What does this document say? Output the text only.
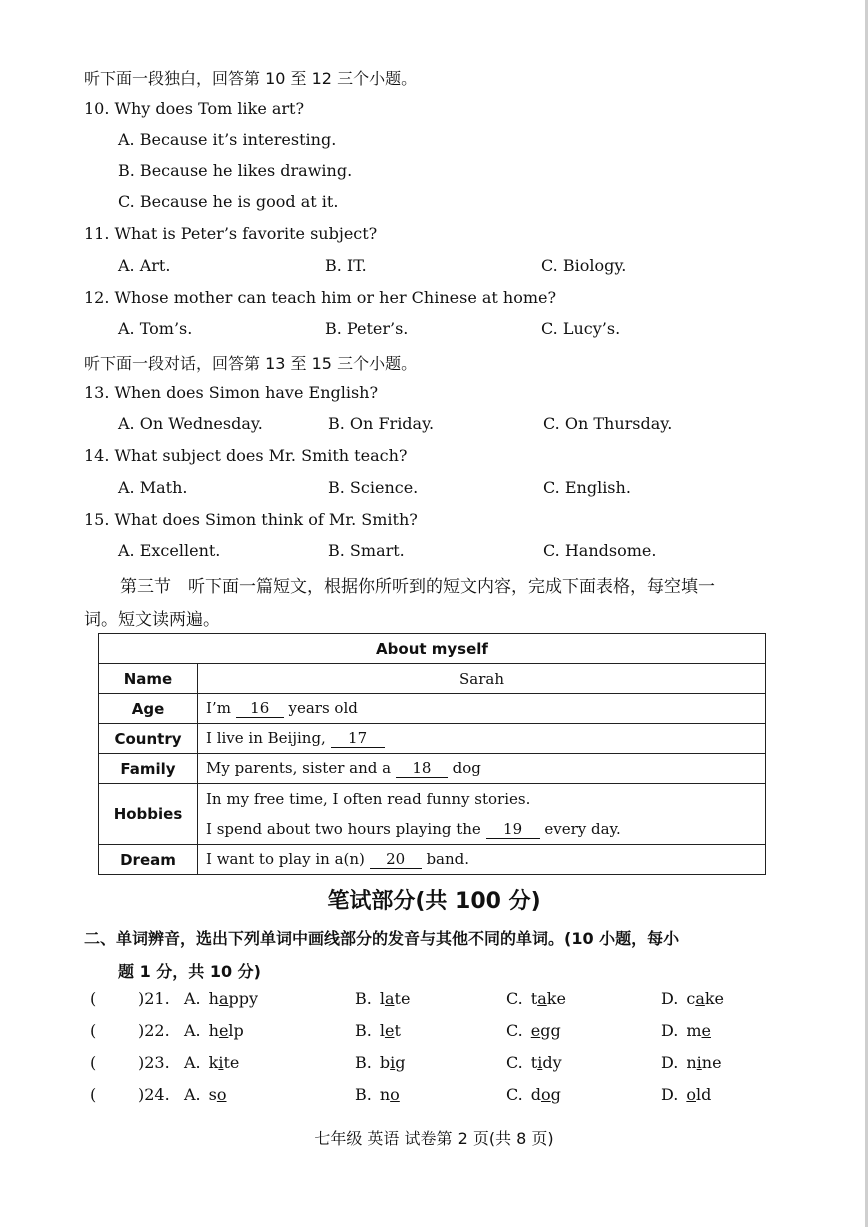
听下面一段独白，回答第 10 至 12 三个小题。
10. Why does Tom like art?
A. Because it’s interesting.
B. Because he likes drawing.
C. Because he is good at it.
11. What is Peter’s favorite subject?
A. Art.	B. IT.	C. Biology.
12. Whose mother can teach him or her Chinese at home?
A. Tom’s.	B. Peter’s.	C. Lucy’s.
听下面一段对话，回答第 13 至 15 三个小题。
13. When does Simon have English?
A. On Wednesday.	B. On Friday.	C. On Thursday.
14. What subject does Mr. Smith teach?
A. Math.	B. Science.	C. English.
15. What does Simon think of Mr. Smith?
A. Excellent.	B. Smart.	C. Handsome.
第三节　听下面一篇短文，根据你所听到的短文内容，完成下面表格，每空填一
词。短文读两遍。
About myself	
Name	Sarah
Age	I’m 16 years old
Country	I live in Beijing, 17
Family	My parents, sister and a 18 dog
Hobbies	In my free time, I often read funny stories.
I spend about two hours playing the 19 every day.

Dream	I want to play in a(n) 20 band.
笔试部分(共 100 分)
二、单词辨音，选出下列单词中画线部分的发音与其他不同的单词。(10 小题，每小
题 1 分，共 10 分)
(	)21. A. happy	B. late	C. take	D. cake
(	)22. A. help	B. let	C. egg	D. me
(	)23. A. kite	B. big	C. tidy	D. nine
(	)24. A. so	B. no	C. dog	D. old
七年级 英语 试卷第 2 页(共 8 页)
